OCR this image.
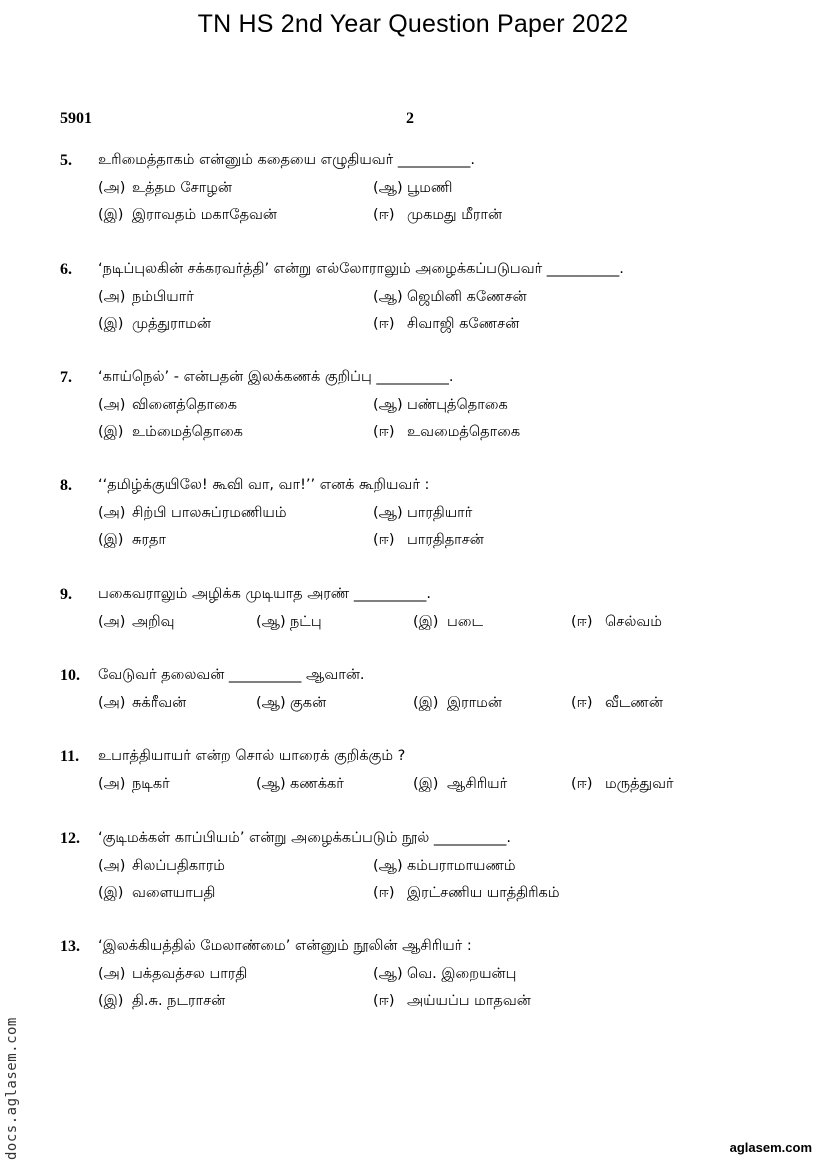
TN HS 2nd Year Question Paper 2022
5901	2
5. உரிமைத்தாகம் என்னும் கதையை எழுதியவர் __________.
(அ) உத்தம சோழன்	(ஆ) பூமணி
(இ) இராவதம் மகாதேவன்	(ஈ) முகமது மீரான்
6. ‘நடிப்புலகின் சக்கரவர்த்தி’ என்று எல்லோராலும் அழைக்கப்படுபவர் __________.
(அ) நம்பியார்	(ஆ) ஜெமினி கணேசன்
(இ) முத்துராமன்	(ஈ) சிவாஜி கணேசன்
7. ‘காய்நெல்’ - என்பதன் இலக்கணக் குறிப்பு __________.
(அ) வினைத்தொகை	(ஆ) பண்புத்தொகை
(இ) உம்மைத்தொகை	(ஈ) உவமைத்தொகை
8. ‘‘தமிழ்க்குயிலே! கூவி வா, வா!’’ எனக் கூறியவர் :
(அ) சிற்பி பாலசுப்ரமணியம்	(ஆ) பாரதியார்
(இ) சுரதா	(ஈ) பாரதிதாசன்
9. பகைவராலும் அழிக்க முடியாத அரண் __________.
(அ) அறிவு	(ஆ) நட்பு	(இ) படை	(ஈ) செல்வம்
10. வேடுவர் தலைவன் __________ ஆவான்.
(அ) சுக்ரீவன்	(ஆ) குகன்	(இ) இராமன்	(ஈ) வீடணன்
11. உபாத்தியாயர் என்ற சொல் யாரைக் குறிக்கும் ?
(அ) நடிகர்	(ஆ) கணக்கர்	(இ) ஆசிரியர்	(ஈ) மருத்துவர்
12. ‘குடிமக்கள் காப்பியம்’ என்று அழைக்கப்படும் நூல் __________.
(அ) சிலப்பதிகாரம்	(ஆ) கம்பராமாயணம்
(இ) வளையாபதி	(ஈ) இரட்சணிய யாத்திரிகம்
13. ‘இலக்கியத்தில் மேலாண்மை’ என்னும் நூலின் ஆசிரியர் :
(அ) பக்தவத்சல பாரதி	(ஆ) வெ. இறையன்பு
(இ) தி.சு. நடராசன்	(ஈ) அய்யப்ப மாதவன்
docs.aglasem.com	aglasem.com
